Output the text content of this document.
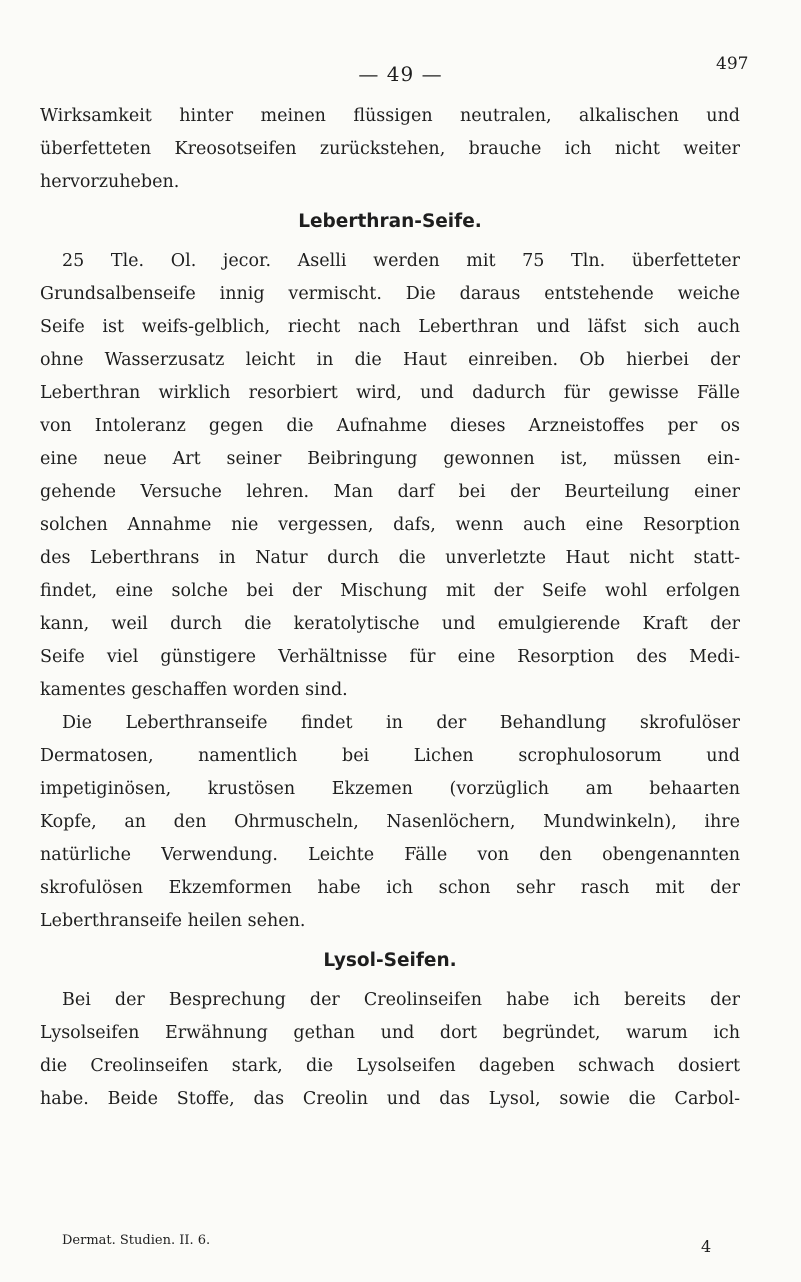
— 49 —	497
Wirksamkeit hinter meinen flüssigen neutralen, alkalischen und
überfetteten Kreosotseifen zurückstehen, brauche ich nicht weiter
hervorzuheben.
Leberthran-Seife.
25 Tle. Ol. jecor. Aselli werden mit 75 Tln. überfetteter
Grundsalbenseife innig vermischt. Die daraus entstehende weiche
Seife ist weifs-gelblich, riecht nach Leberthran und läfst sich auch
ohne Wasserzusatz leicht in die Haut einreiben. Ob hierbei der
Leberthran wirklich resorbiert wird, und dadurch für gewisse Fälle
von Intoleranz gegen die Aufnahme dieses Arzneistoffes per os
eine neue Art seiner Beibringung gewonnen ist, müssen ein-
gehende Versuche lehren. Man darf bei der Beurteilung einer
solchen Annahme nie vergessen, dafs, wenn auch eine Resorption
des Leberthrans in Natur durch die unverletzte Haut nicht statt-
findet, eine solche bei der Mischung mit der Seife wohl erfolgen
kann, weil durch die keratolytische und emulgierende Kraft der
Seife viel günstigere Verhältnisse für eine Resorption des Medi-
kamentes geschaffen worden sind.
Die Leberthranseife findet in der Behandlung skrofulöser
Dermatosen, namentlich bei Lichen scrophulosorum und
impetiginösen, krustösen Ekzemen (vorzüglich am behaarten
Kopfe, an den Ohrmuscheln, Nasenlöchern, Mundwinkeln), ihre
natürliche Verwendung. Leichte Fälle von den obengenannten
skrofulösen Ekzemformen habe ich schon sehr rasch mit der
Leberthranseife heilen sehen.
Lysol-Seifen.
Bei der Besprechung der Creolinseifen habe ich bereits der
Lysolseifen Erwähnung gethan und dort begründet, warum ich
die Creolinseifen stark, die Lysolseifen dageben schwach dosiert
habe. Beide Stoffe, das Creolin und das Lysol, sowie die Carbol-
Dermat. Studien. II. 6.	4
